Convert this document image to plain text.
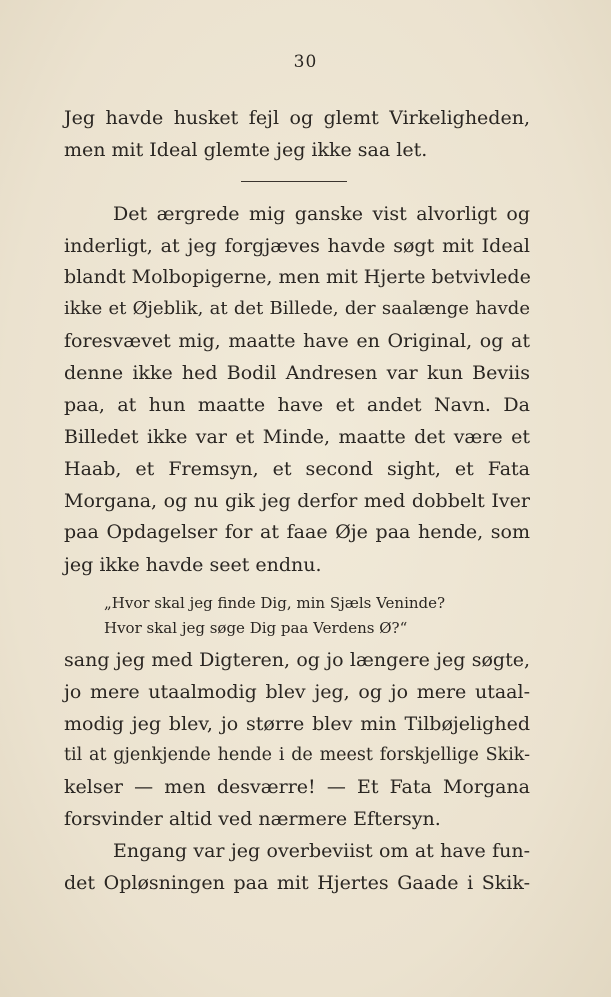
30
Jeg havde husket fejl og glemt Virkeligheden,
men mit Ideal glemte jeg ikke saa let.
Det ærgrede mig ganske vist alvorligt og
inderligt, at jeg forgjæves havde søgt mit Ideal
blandt Molbopigerne, men mit Hjerte betvivlede
ikke et Øjeblik, at det Billede, der saalænge havde
foresvævet mig, maatte have en Original, og at
denne ikke hed Bodil Andresen var kun Beviis
paa, at hun maatte have et andet Navn. Da
Billedet ikke var et Minde, maatte det være et
Haab, et Fremsyn, et second sight, et Fata
Morgana, og nu gik jeg derfor med dobbelt Iver
paa Opdagelser for at faae Øje paa hende, som
jeg ikke havde seet endnu.
„Hvor skal jeg finde Dig, min Sjæls Veninde?
Hvor skal jeg søge Dig paa Verdens Ø?“
sang jeg med Digteren, og jo længere jeg søgte,
jo mere utaalmodig blev jeg, og jo mere utaal-
modig jeg blev, jo større blev min Tilbøjelighed
til at gjenkjende hende i de meest forskjellige Skik-
kelser — men desværre! — Et Fata Morgana
forsvinder altid ved nærmere Eftersyn.
Engang var jeg overbeviist om at have fun-
det Opløsningen paa mit Hjertes Gaade i Skik-
